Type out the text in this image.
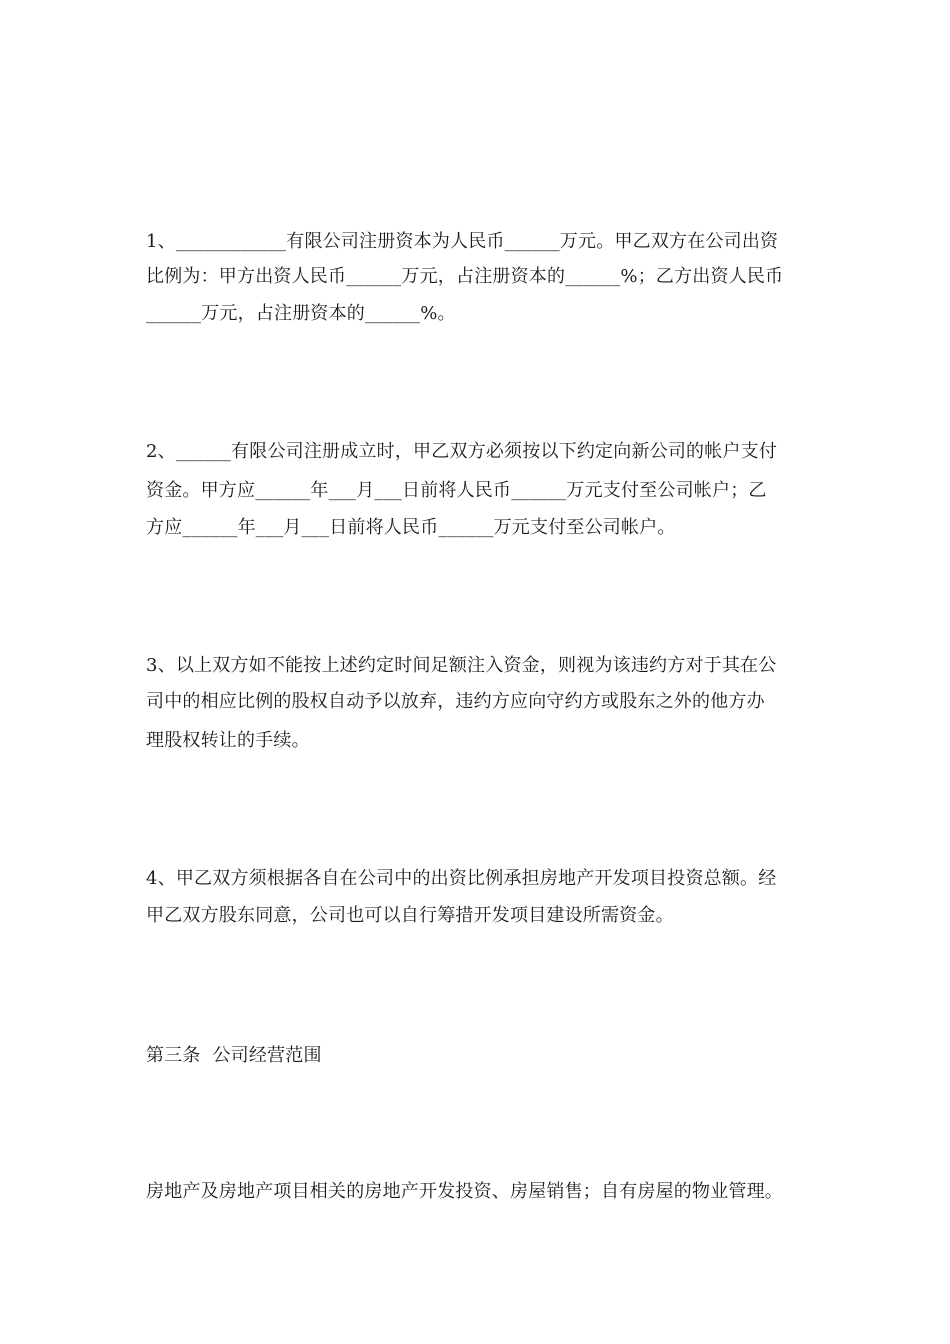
1、____________有限公司注册资本为人民币______万元。甲乙双方在公司出资
比例为：甲方出资人民币______万元，占注册资本的______%；乙方出资人民币
______万元，占注册资本的______%。
2、______有限公司注册成立时，甲乙双方必须按以下约定向新公司的帐户支付
资金。甲方应______年___月___日前将人民币______万元支付至公司帐户；乙
方应______年___月___日前将人民币______万元支付至公司帐户。
3、以上双方如不能按上述约定时间足额注入资金，则视为该违约方对于其在公
司中的相应比例的股权自动予以放弃，违约方应向守约方或股东之外的他方办
理股权转让的手续。
4、甲乙双方须根据各自在公司中的出资比例承担房地产开发项目投资总额。经
甲乙双方股东同意，公司也可以自行筹措开发项目建设所需资金。
第三条  公司经营范围
房地产及房地产项目相关的房地产开发投资、房屋销售；自有房屋的物业管理。
